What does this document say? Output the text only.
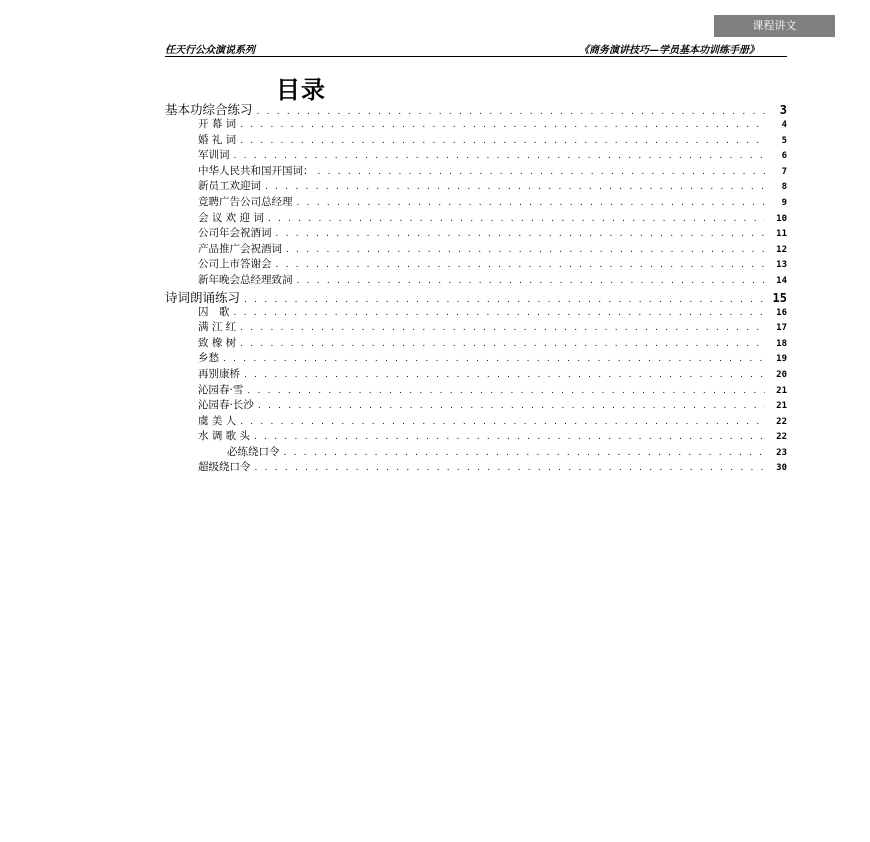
课程讲文
任天行公众演说系列	《商务演讲技巧—学员基本功训练手册》
目录
基本功综合练习 . . .	3
开 幕 词 . . .	4
婚 礼 词 . . .	5
军训词 . . .	6
中华人民共和国开国词： . . .	7
新员工欢迎词 . . .	8
竞聘广告公司总经理 . . .	9
会 议 欢 迎 词 . . .	10
公司年会祝酒词 . . .	11
产品推广会祝酒词 . . .	12
公司上市答谢会 . . .	13
新年晚会总经理致詞 . . .	14
诗词朗诵练习 . . .	15
囚　歌 . . .	16
满 江 红 . . .	17
致 橡 树 . . .	18
乡愁 . . .	19
再别康桥 . . .	20
沁园春·雪 . . .	21
沁园春·长沙 . . .	21
虞 美 人 . . .	22
水 调 歌 头 . . .	22
必练绕口令 . . .	23
超级绕口令 . . .	30
